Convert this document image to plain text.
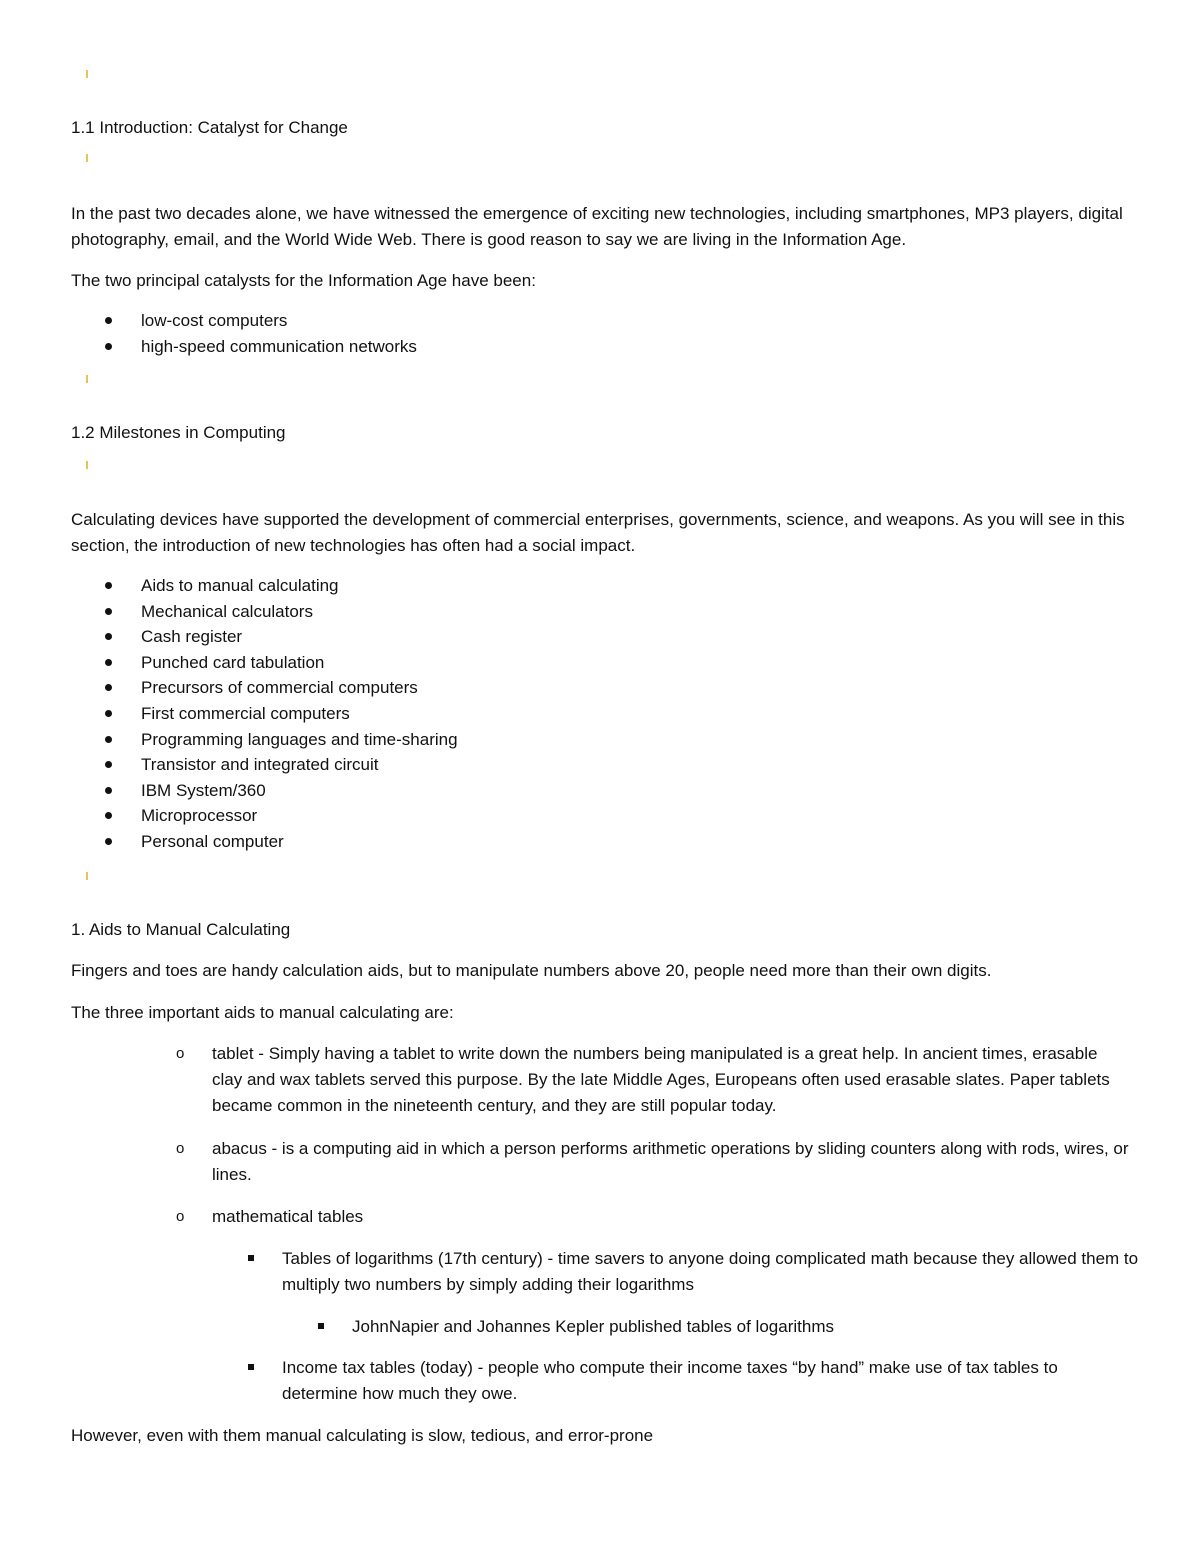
1.1 Introduction: Catalyst for Change
In the past two decades alone, we have witnessed the emergence of exciting new technologies, including smartphones, MP3 players, digital photography, email, and the World Wide Web. There is good reason to say we are living in the Information Age.
The two principal catalysts for the Information Age have been:
low-cost computers
high-speed communication networks
1.2 Milestones in Computing
Calculating devices have supported the development of commercial enterprises, governments, science, and weapons. As you will see in this section, the introduction of new technologies has often had a social impact.
Aids to manual calculating
Mechanical calculators
Cash register
Punched card tabulation
Precursors of commercial computers
First commercial computers
Programming languages and time-sharing
Transistor and integrated circuit
IBM System/360
Microprocessor
Personal computer
1. Aids to Manual Calculating
Fingers and toes are handy calculation aids, but to manipulate numbers above 20, people need more than their own digits.
The three important aids to manual calculating are:
o tablet - Simply having a tablet to write down the numbers being manipulated is a great help. In ancient times, erasable clay and wax tablets served this purpose. By the late Middle Ages, Europeans often used erasable slates. Paper tablets became common in the nineteenth century, and they are still popular today.
o abacus - is a computing aid in which a person performs arithmetic operations by sliding counters along with rods, wires, or lines.
o mathematical tables
Tables of logarithms (17th century) - time savers to anyone doing complicated math because they allowed them to multiply two numbers by simply adding their logarithms
JohnNapier and Johannes Kepler published tables of logarithms
Income tax tables (today) - people who compute their income taxes “by hand” make use of tax tables to determine how much they owe.
However, even with them manual calculating is slow, tedious, and error-prone
